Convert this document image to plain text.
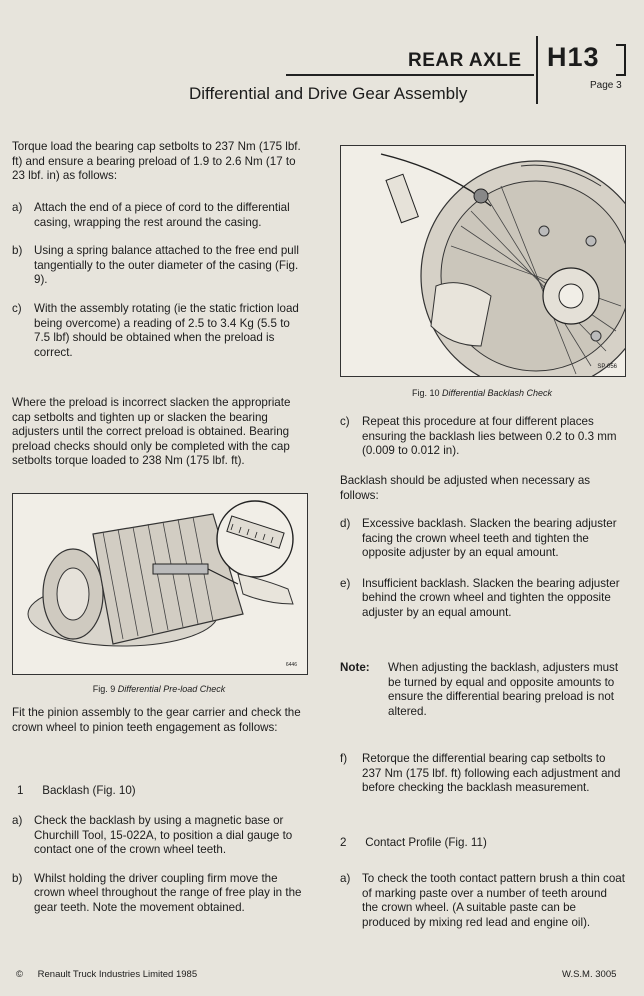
REAR AXLE
Differential and Drive Gear Assembly
H13
Page 3
Torque load the bearing cap setbolts to 237 Nm (175 lbf. ft) and ensure a bearing preload of 1.9 to 2.6 Nm (17 to 23 lbf. in) as follows:
a)	Attach the end of a piece of cord to the differential casing, wrapping the rest around the casing.
b)	Using a spring balance attached to the free end pull tangentially to the outer diameter of the casing (Fig. 9).
c)	With the assembly rotating (ie the static friction load being overcome) a reading of 2.5 to 3.4 Kg (5.5 to 7.5 lbf) should be obtained when the preload is correct.
Where the preload is incorrect slacken the appropriate cap setbolts and tighten up or slacken the bearing adjusters until the correct preload is obtained. Bearing preload checks should only be completed with the cap setbolts torque loaded to 238 Nm (175 lbf. ft).
6446
Fig. 9 Differential Pre-load Check
Fit the pinion assembly to the gear carrier and check the crown wheel to pinion teeth engagement as follows:
1 Backlash (Fig. 10)
a)	Check the backlash by using a magnetic base or Churchill Tool, 15-022A, to position a dial gauge to contact one of the crown wheel teeth.
b)	Whilst holding the driver coupling firm move the crown wheel throughout the range of free play in the gear teeth. Note the movement obtained.
SP 056
Fig. 10 Differential Backlash Check
c)	Repeat this procedure at four different places ensuring the backlash lies between 0.2 to 0.3 mm (0.009 to 0.012 in).
Backlash should be adjusted when necessary as follows:
d)	Excessive backlash. Slacken the bearing adjuster facing the crown wheel teeth and tighten the opposite adjuster by an equal amount.
e)	Insufficient backlash. Slacken the bearing adjuster behind the crown wheel and tighten the opposite adjuster by an equal amount.
Note:	When adjusting the backlash, adjusters must be turned by equal and opposite amounts to ensure the differential bearing preload is not altered.
f)	Retorque the differential bearing cap setbolts to 237 Nm (175 lbf. ft) following each adjustment and before checking the backlash measurement.
2 Contact Profile (Fig. 11)
a)	To check the tooth contact pattern brush a thin coat of marking paste over a number of teeth around the crown wheel. (A suitable paste can be produced by mixing red lead and engine oil).
© Renault Truck Industries Limited 1985	W.S.M. 3005
